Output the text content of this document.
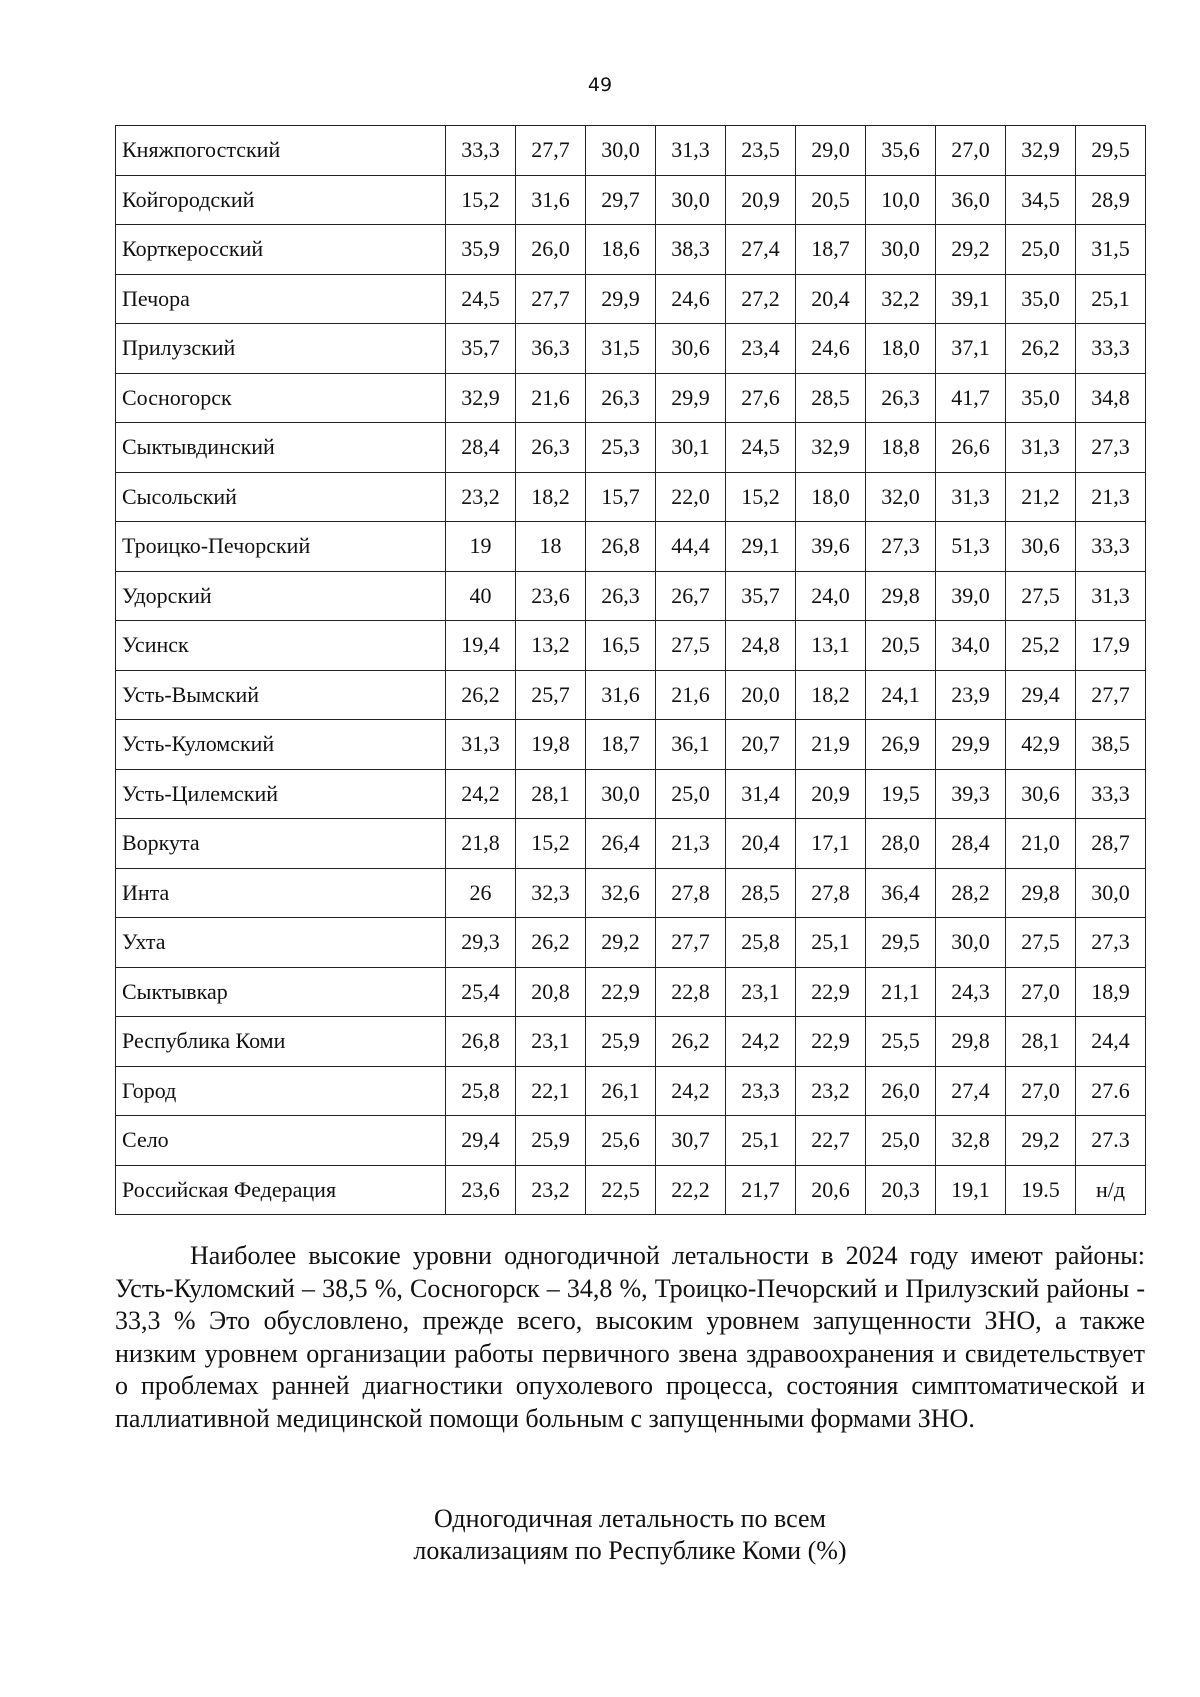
49
Княжпогостский	33,3	27,7	30,0	31,3	23,5	29,0	35,6	27,0	32,9	29,5
Койгородский	15,2	31,6	29,7	30,0	20,9	20,5	10,0	36,0	34,5	28,9
Корткеросский	35,9	26,0	18,6	38,3	27,4	18,7	30,0	29,2	25,0	31,5
Печора	24,5	27,7	29,9	24,6	27,2	20,4	32,2	39,1	35,0	25,1
Прилузский	35,7	36,3	31,5	30,6	23,4	24,6	18,0	37,1	26,2	33,3
Сосногорск	32,9	21,6	26,3	29,9	27,6	28,5	26,3	41,7	35,0	34,8
Сыктывдинский	28,4	26,3	25,3	30,1	24,5	32,9	18,8	26,6	31,3	27,3
Сысольский	23,2	18,2	15,7	22,0	15,2	18,0	32,0	31,3	21,2	21,3
Троицко-Печорский	19	18	26,8	44,4	29,1	39,6	27,3	51,3	30,6	33,3
Удорский	40	23,6	26,3	26,7	35,7	24,0	29,8	39,0	27,5	31,3
Усинск	19,4	13,2	16,5	27,5	24,8	13,1	20,5	34,0	25,2	17,9
Усть-Вымский	26,2	25,7	31,6	21,6	20,0	18,2	24,1	23,9	29,4	27,7
Усть-Куломский	31,3	19,8	18,7	36,1	20,7	21,9	26,9	29,9	42,9	38,5
Усть-Цилемский	24,2	28,1	30,0	25,0	31,4	20,9	19,5	39,3	30,6	33,3
Воркута	21,8	15,2	26,4	21,3	20,4	17,1	28,0	28,4	21,0	28,7
Инта	26	32,3	32,6	27,8	28,5	27,8	36,4	28,2	29,8	30,0
Ухта	29,3	26,2	29,2	27,7	25,8	25,1	29,5	30,0	27,5	27,3
Сыктывкар	25,4	20,8	22,9	22,8	23,1	22,9	21,1	24,3	27,0	18,9
Республика Коми	26,8	23,1	25,9	26,2	24,2	22,9	25,5	29,8	28,1	24,4
Город	25,8	22,1	26,1	24,2	23,3	23,2	26,0	27,4	27,0	27.6
Село	29,4	25,9	25,6	30,7	25,1	22,7	25,0	32,8	29,2	27.3
Российская Федерация	23,6	23,2	22,5	22,2	21,7	20,6	20,3	19,1	19.5	н/д

Наиболее высокие уровни одногодичной летальности в 2024 году имеют районы: Усть-Куломский – 38,5 %, Сосногорск – 34,8 %, Троицко-Печорский и Прилузский районы - 33,3 % Это обусловлено, прежде всего, высоким уровнем запущенности ЗНО, а также низким уровнем организации работы первичного звена здравоохранения и свидетельствует о проблемах ранней диагностики опухолевого процесса, состояния симптоматической и паллиативной медицинской помощи больным с запущенными формами ЗНО.

Одногодичная летальность по всем
локализациям по Республике Коми (%)
